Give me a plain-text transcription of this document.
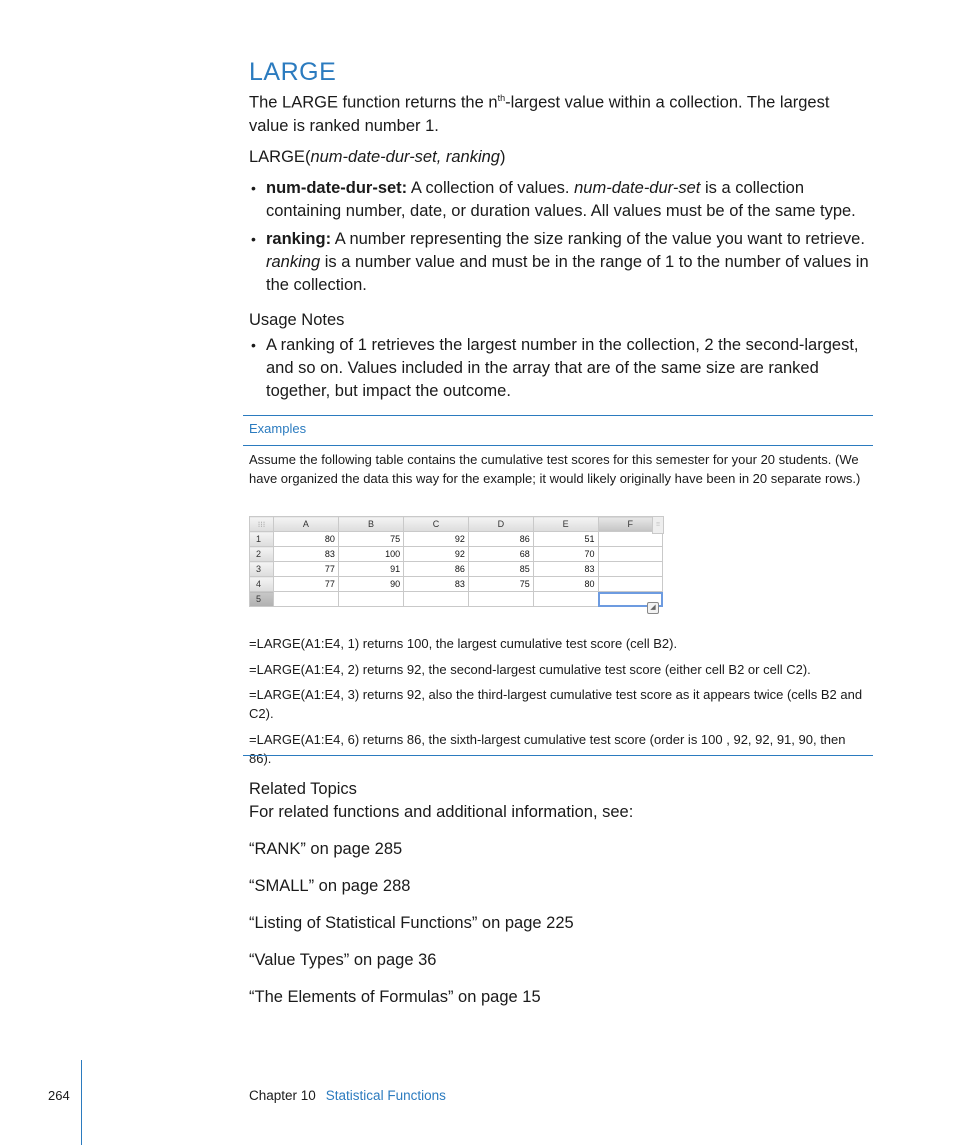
LARGE
The LARGE function returns the $n^{th}$-largest value within a collection. The largest value is ranked number 1.
LARGE(num-date-dur-set, ranking)
• num-date-dur-set: A collection of values. num-date-dur-set is a collection containing number, date, or duration values. All values must be of the same type.
• ranking: A number representing the size ranking of the value you want to retrieve. ranking is a number value and must be in the range of 1 to the number of values in the collection.
Usage Notes
• A ranking of 1 retrieves the largest number in the collection, 2 the second-largest, and so on. Values included in the array that are of the same size are ranked together, but impact the outcome.
Examples
Assume the following table contains the cumulative test scores for this semester for your 20 students. (We have organized the data this way for the example; it would likely originally have been in 20 separate rows.)
⁝⁝⁝	A	B	C	D	E	F
1	80	75	92	86	51	
2	83	100	92	68	70	
3	77	91	86	85	83	
4	77	90	83	75	80	
5						
⁝⁝
◢
=LARGE(A1:E4, 1) returns 100, the largest cumulative test score (cell B2).
=LARGE(A1:E4, 2) returns 92, the second-largest cumulative test score (either cell B2 or cell C2).
=LARGE(A1:E4, 3) returns 92, also the third-largest cumulative test score as it appears twice (cells B2 and C2).
=LARGE(A1:E4, 6) returns 86, the sixth-largest cumulative test score (order is 100 , 92, 92, 91, 90, then 86).
Related Topics
For related functions and additional information, see:
“RANK” on page 285
“SMALL” on page 288
“Listing of Statistical Functions” on page 225
“Value Types” on page 36
“The Elements of Formulas” on page 15
264	Chapter 10 Statistical Functions
